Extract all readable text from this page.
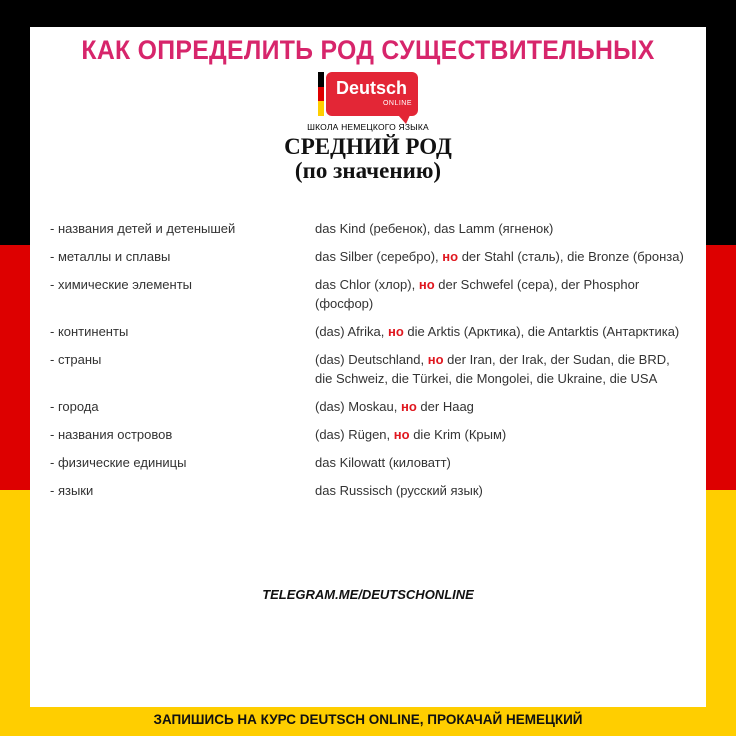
КАК ОПРЕДЕЛИТЬ РОД СУЩЕСТВИТЕЛЬНЫХ
Deutsch
ONLINE
ШКОЛА НЕМЕЦКОГО ЯЗЫКА
СРЕДНИЙ РОД
(по значению)
- названия детей и детенышей	das Kind (ребенок), das Lamm (ягненок)
- металлы и сплавы	das Silber (серебро), но der Stahl (сталь), die Bronze (бронза)
- химические элементы	das Chlor (хлор), но der Schwefel (сера), der Phosphor (фосфор)
- континенты	(das) Afrika, но die Arktis (Арктика), die Antarktis (Антарктика)
- страны	(das) Deutschland, но der Iran, der Irak, der Sudan, die BRD, die Schweiz, die Türkei, die Mongolei, die Ukraine, die USA
- города	(das) Moskau, но der Haag
- названия островов	(das) Rügen, но die Krim (Крым)
- физические единицы	das Kilowatt (киловатт)
- языки	das Russisch (русский язык)
TELEGRAM.ME/DEUTSCHONLINE
ЗАПИШИСЬ НА КУРС DEUTSCH ONLINE, ПРОКАЧАЙ НЕМЕЦКИЙ
